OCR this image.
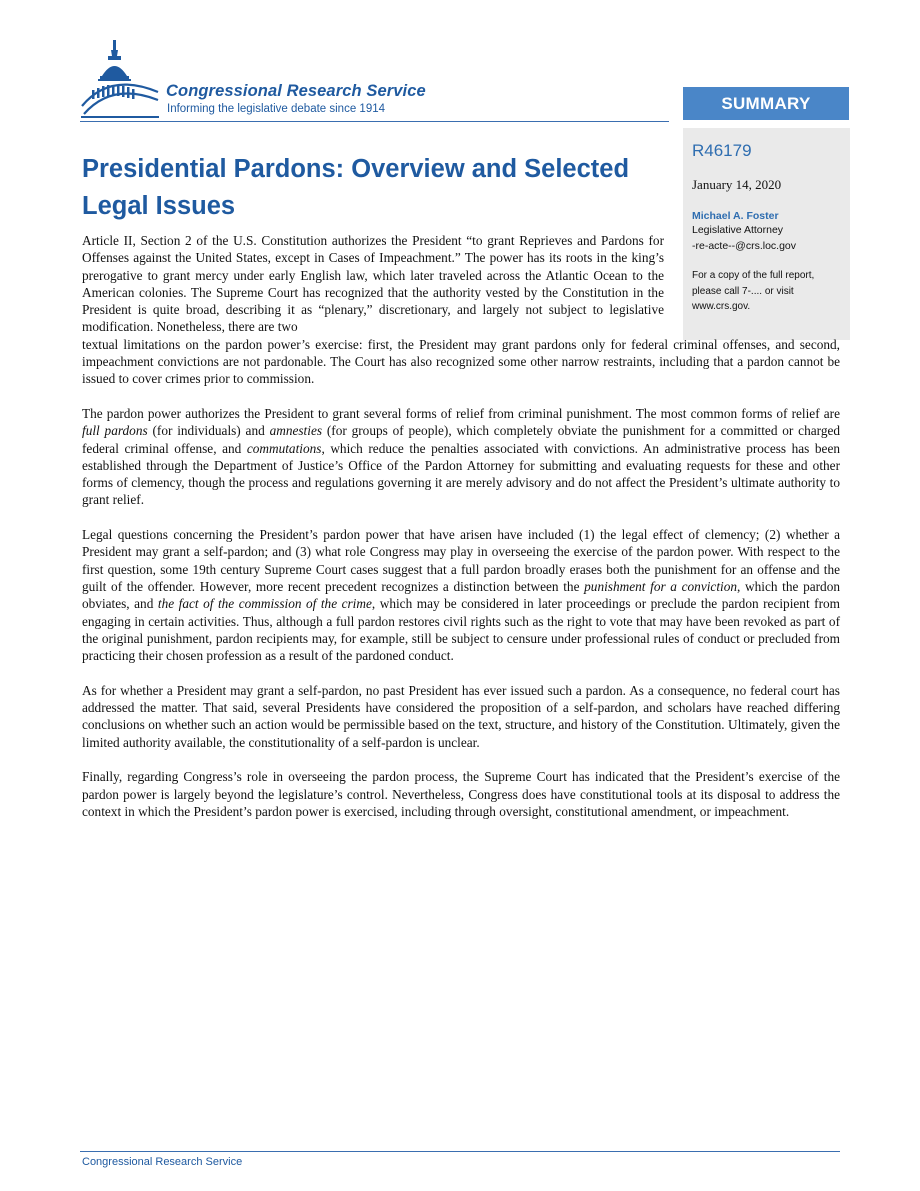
Congressional Research Service
Informing the legislative debate since 1914	SUMMARY
R46179
January 14, 2020
Michael A. Foster
Legislative Attorney
-re-acte--@crs.loc.gov
For a copy of the full report, please call 7-.... or visit www.crs.gov.
Presidential Pardons: Overview and Selected Legal Issues

Article II, Section 2 of the U.S. Constitution authorizes the President “to grant Reprieves and Pardons for Offenses against the United States, except in Cases of Impeachment.” The power has its roots in the king’s prerogative to grant mercy under early English law, which later traveled across the Atlantic Ocean to the American colonies. The Supreme Court has recognized that the authority vested by the Constitution in the President is quite broad, describing it as “plenary,” discretionary, and largely not subject to legislative modification. Nonetheless, there are two

textual limitations on the pardon power’s exercise: first, the President may grant pardons only for federal criminal offenses, and second, impeachment convictions are not pardonable. The Court has also recognized some other narrow restraints, including that a pardon cannot be issued to cover crimes prior to commission.

The pardon power authorizes the President to grant several forms of relief from criminal punishment. The most common forms of relief are full pardons (for individuals) and amnesties (for groups of people), which completely obviate the punishment for a committed or charged federal criminal offense, and commutations, which reduce the penalties associated with convictions. An administrative process has been established through the Department of Justice’s Office of the Pardon Attorney for submitting and evaluating requests for these and other forms of clemency, though the process and regulations governing it are merely advisory and do not affect the President’s ultimate authority to grant relief.

Legal questions concerning the President’s pardon power that have arisen have included (1) the legal effect of clemency; (2) whether a President may grant a self-pardon; and (3) what role Congress may play in overseeing the exercise of the pardon power. With respect to the first question, some 19th century Supreme Court cases suggest that a full pardon broadly erases both the punishment for an offense and the guilt of the offender. However, more recent precedent recognizes a distinction between the punishment for a conviction, which the pardon obviates, and the fact of the commission of the crime, which may be considered in later proceedings or preclude the pardon recipient from engaging in certain activities. Thus, although a full pardon restores civil rights such as the right to vote that may have been revoked as part of the original punishment, pardon recipients may, for example, still be subject to censure under professional rules of conduct or precluded from practicing their chosen profession as a result of the pardoned conduct.

As for whether a President may grant a self-pardon, no past President has ever issued such a pardon. As a consequence, no federal court has addressed the matter. That said, several Presidents have considered the proposition of a self-pardon, and scholars have reached differing conclusions on whether such an action would be permissible based on the text, structure, and history of the Constitution. Ultimately, given the limited authority available, the constitutionality of a self-pardon is unclear.

Finally, regarding Congress’s role in overseeing the pardon process, the Supreme Court has indicated that the President’s exercise of the pardon power is largely beyond the legislature’s control. Nevertheless, Congress does have constitutional tools at its disposal to address the context in which the President’s pardon power is exercised, including through oversight, constitutional amendment, or impeachment.

Congressional Research Service
